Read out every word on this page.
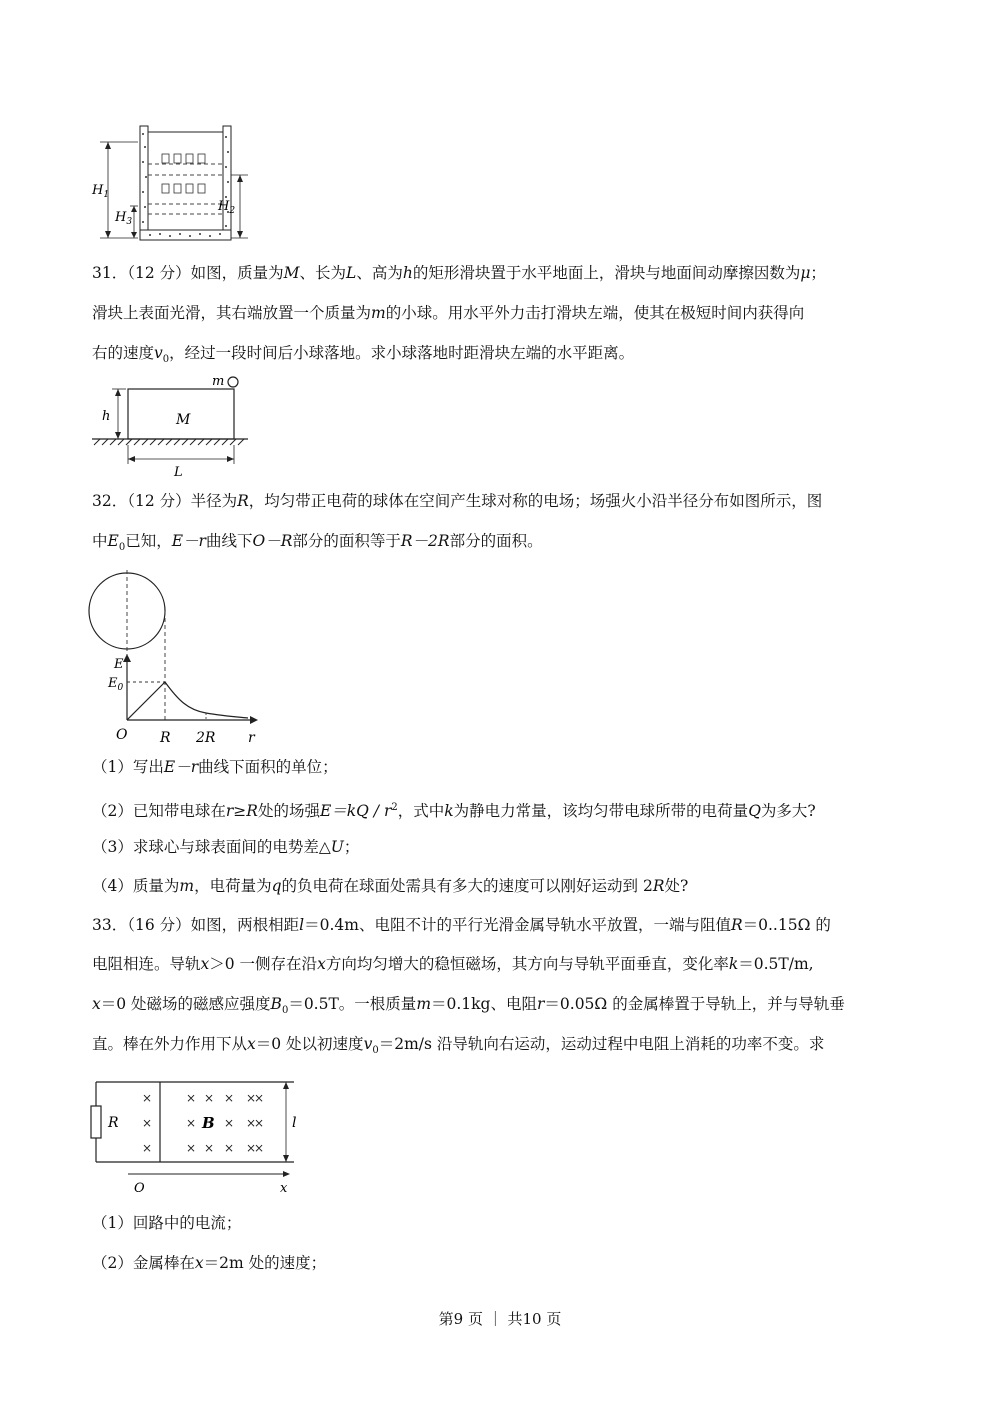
$H_1$
$H_3$
$H_2$
31．（12 分）如图，质量为M、长为L、高为h的矩形滑块置于水平地面上，滑块与地面间动摩擦因数为μ；
滑块上表面光滑，其右端放置一个质量为m的小球。用水平外力击打滑块左端，使其在极短时间内获得向
右的速度$v_0$，经过一段时间后小球落地。求小球落地时距滑块左端的水平距离。
m
M
h
L
32．（12 分）半径为R，均匀带正电荷的球体在空间产生球对称的电场；场强火小沿半径分布如图所示，图
中$E_0$已知，E－r曲线下O－R部分的面积等于R－2R部分的面积。
E
$E_0$
O R 2R r
（1）写出E－r曲线下面积的单位；
（2）已知带电球在r≥R处的场强$E=kQ / r^2$，式中k为静电力常量，该均匀带电球所带的电荷量Q为多大?
（3）求球心与球表面间的电势差△U；
（4）质量为m，电荷量为q的负电荷在球面处需具有多大的速度可以刚好运动到 2R处?
33．（16 分）如图，两根相距l＝0.4m、电阻不计的平行光滑金属导轨水平放置，一端与阻值R＝0..15Ω 的
电阻相连。导轨x＞0 一侧存在沿x方向均匀增大的稳恒磁场，其方向与导轨平面垂直，变化率k＝0.5T/m,
x＝0 处磁场的磁感应强度$B_0=0.5T$。一根质量m＝0.1kg、电阻r＝0.05Ω 的金属棒置于导轨上，并与导轨垂
直。棒在外力作用下从x＝0 处以初速度$v_0=2m/s$ 沿导轨向右运动，运动过程中电阻上消耗的功率不变。求
R
×
×
×
×
×
×
×
×
×
×
×
×
×
×
×
×
×
B	l
O	x
（1）回路中的电流；
（2）金属棒在x＝2m 处的速度；
第9 页 ｜ 共10 页
